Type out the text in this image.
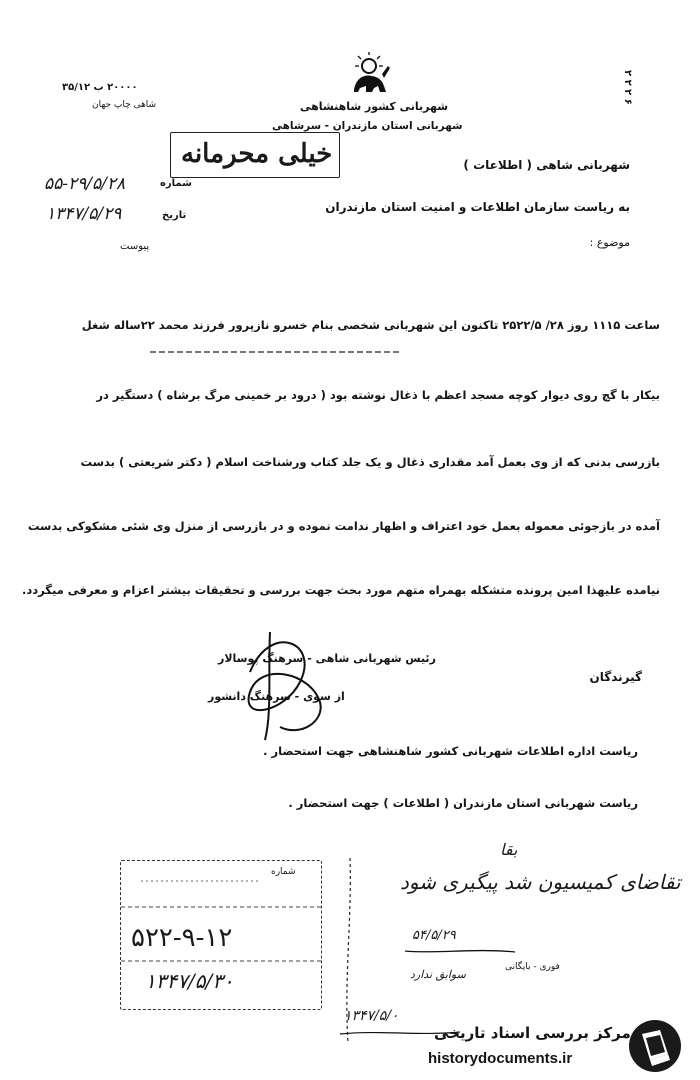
۲۰۰۰۰ ب ۳۵/۱۲
شاهی چاپ جهان
۲ ۲ ۲ ۶
شهربانی کشور شاهنشاهی
شهربانی استان مازندران - سرشاهی
خیلی محرمانه
۵۵-۲۹/۵/۲۸	شماره
۱۳۴۷/۵/۲۹	تاریخ
پیوست
شهربانی شاهی ( اطلاعات )
به ریاست سازمان اطلاعات و امنیت استان مازندران
موضوع :
ساعت ۱۱۱۵ روز ۲۸/ ۲۵۲۲/۵ تاکنون این شهربانی شخصی بنام خسرو نازپرور فرزند محمد ۲۲ساله شغل
بیکار با گچ روی دیوار کوچه مسجد اعظم با ذغال نوشته بود ( درود بر خمینی مرگ برشاه ) دستگیر در
بازرسی بدنی که از وی بعمل آمد مقداری ذغال و یک جلد کتاب ورشناخت اسلام ( دکتر شریعتی ) بدست
آمده در بازجوئی معموله بعمل خود اعتراف و اظهار ندامت نموده و در بازرسی از منزل وی شئی مشکوکی بدست
نیامده علیهذا امین پرونده متشکله بهمراه متهم مورد بحث جهت بررسی و تحقیقات بیشتر اعزام و معرفی میگردد.
رئیس شهربانی شاهی - سرهنگ پوسالار
از سوی - سرهنگ دانشور
گیرندگان
ریاست اداره اطلاعات شهربانی کشور شاهنشاهی جهت استحضار .
ریاست شهربانی استان مازندران ( اطلاعات ) جهت استحضار .
بقا
تقاضای کمیسیون شد پیگیری شود
۵۴/۵/۲۹
فوری - بایگانی
سوابق ندارد
۱۳۴۷/۵/۰
شماره
۵۲۲-۹-۱۲
۱۳۴۷/۵/۳۰
مرکز بررسی اسناد تاریخی
historydocuments.ir
